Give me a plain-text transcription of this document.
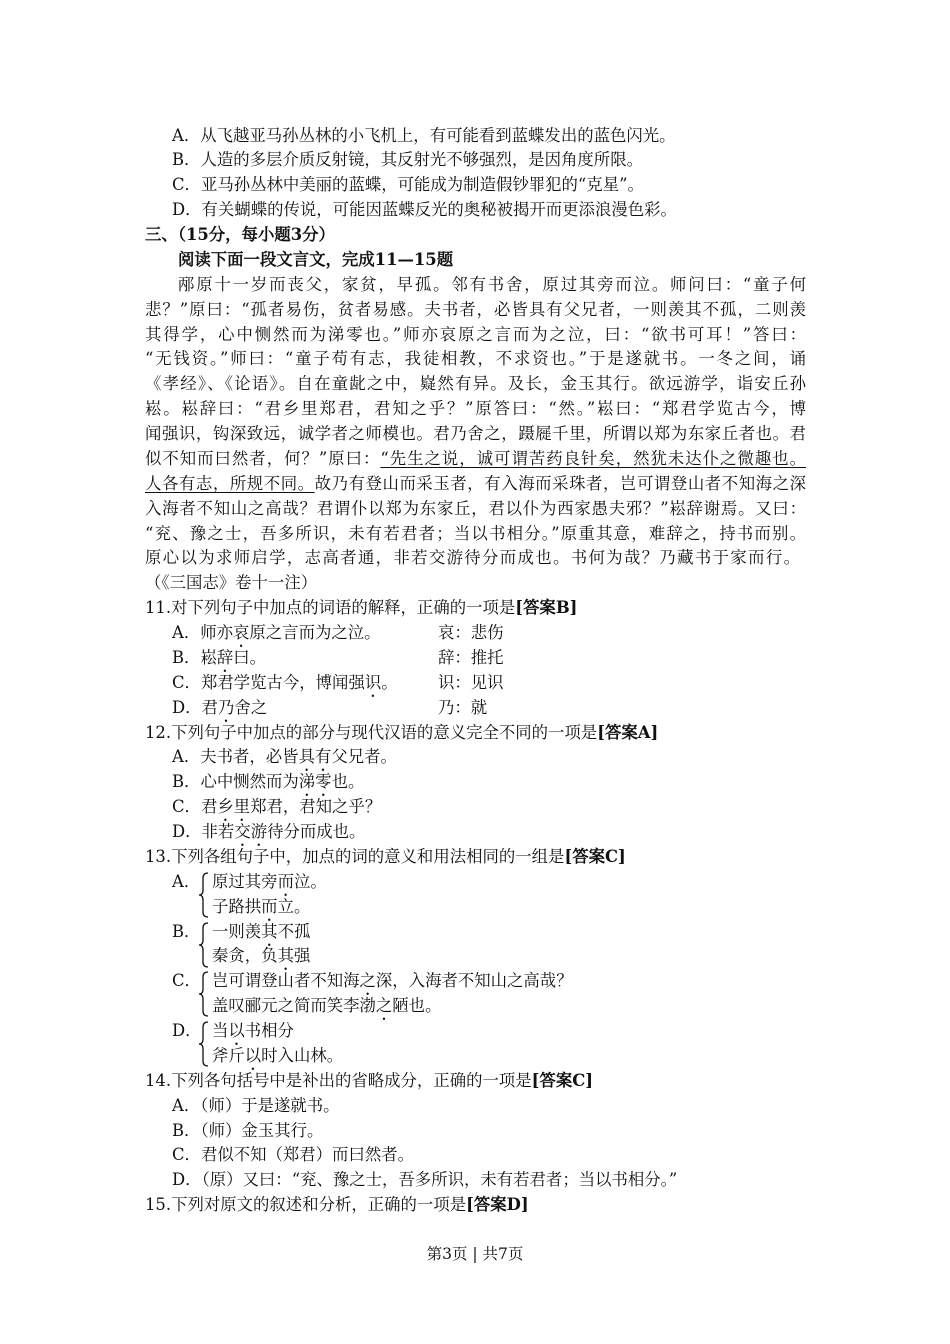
A．从飞越亚马孙丛林的小飞机上，有可能看到蓝蝶发出的蓝色闪光。
B．人造的多层介质反射镜，其反射光不够强烈，是因角度所限。
C．亚马孙丛林中美丽的蓝蝶，可能成为制造假钞罪犯的“克星”。
D．有关蝴蝶的传说，可能因蓝蝶反光的奥秘被揭开而更添浪漫色彩。
三、（15分，每小题3分）
阅读下面一段文言文，完成11—15题
邴原十一岁而丧父，家贫，早孤。邻有书舍，原过其旁而泣。师问曰：“童子何
悲？”原曰：“孤者易伤，贫者易感。夫书者，必皆具有父兄者，一则羡其不孤，二则羡
其得学，心中恻然而为涕零也。”师亦哀原之言而为之泣，曰：“欲书可耳！”答曰：
“无钱资。”师曰：“童子苟有志，我徒相教，不求资也。”于是遂就书。一冬之间，诵
《孝经》、《论语》。自在童龀之中，嶷然有异。及长，金玉其行。欲远游学，诣安丘孙
崧。崧辞曰：“君乡里郑君，君知之乎？”原答曰：“然。”崧曰：“郑君学览古今，博
闻强识，钩深致远，诚学者之师模也。君乃舍之，蹑屣千里，所谓以郑为东家丘者也。君
似不知而曰然者，何？”原曰：“先生之说，诚可谓苦药良针矣，然犹未达仆之微趣也。
人各有志，所规不同。故乃有登山而采玉者，有入海而采珠者，岂可谓登山者不知海之深
入海者不知山之高哉？君谓仆以郑为东家丘，君以仆为西家愚夫邪？”崧辞谢焉。又曰：
“兖、豫之士，吾多所识，未有若君者；当以书相分。”原重其意，难辞之，持书而别。
原心以为求师启学，志高者通，非若交游待分而成也。书何为哉？乃藏书于家而行。
（《三国志》卷十一注）
11.对下列句子中加点的词语的解释，正确的一项是[答案B]
A．师亦哀原之言而为之泣。	哀：悲伤
B．崧辞曰。	辞：推托
C．郑君学览古今，博闻强识。 识：见识
D．君乃舍之	乃：就
12.下列句子中加点的部分与现代汉语的意义完全不同的一项是[答案A]
A．夫书者，必皆具有父兄者。
B．心中恻然而为涕零也。
C．君乡里郑君，君知之乎？
D．非若交游待分而成也。
13.下列各组句子中，加点的词的意义和用法相同的一组是[答案C]
A． 原过其旁而泣。
子路拱而立。
B． 一则羡其不孤
秦贪，负其强
C． 岂可谓登山者不知海之深，入海者不知山之高哉？
盖叹郦元之简而笑李渤之陋也。
D． 当以书相分
斧斤以时入山林。
14.下列各句括号中是补出的省略成分，正确的一项是[答案C]
A．（师）于是遂就书。
B．（师）金玉其行。
C．君似不知（郑君）而曰然者。
D．（原）又曰：“兖、豫之士，吾多所识，未有若君者；当以书相分。”
15.下列对原文的叙述和分析，正确的一项是[答案D]
第3页 | 共7页
